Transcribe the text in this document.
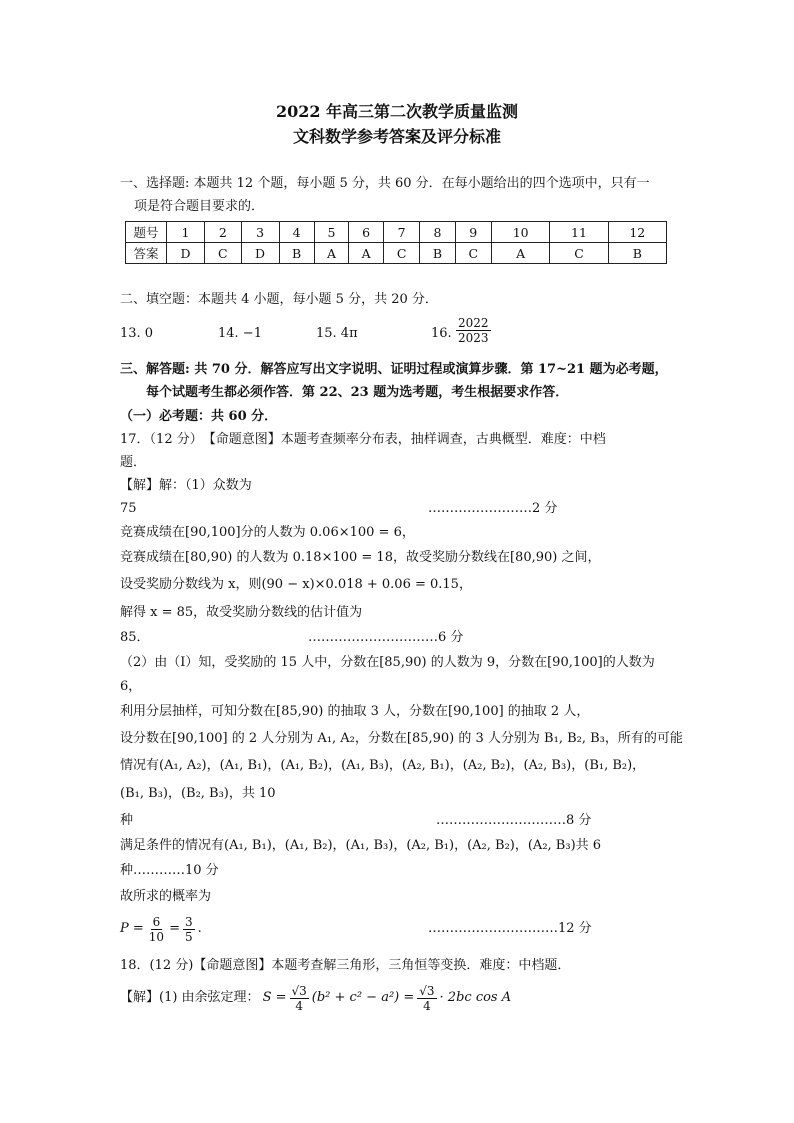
2022 年高三第二次教学质量监测
文科数学参考答案及评分标准
一、选择题: 本题共 12 个题，每小题 5 分，共 60 分．在每小题给出的四个选项中，只有一
项是符合题目要求的．
题号	1	2	3	4	5	6	7	8	9	10	11	12
答案	D	C	D	B	A	A	C	B	C	A	C	B
二、填空题：本题共 4 小题，每小题 5 分，共 20 分．
13. 0	14. −1	15. 4π	16. $\frac{2022}{2023}$
三、解答题: 共 70 分．解答应写出文字说明、证明过程或演算步骤．第 17~21 题为必考题，
每个试题考生都必须作答．第 22、23 题为选考题，考生根据要求作答．
（一）必考题：共 60 分．
17．（12 分）　【命题意图】本题考查频率分布表，抽样调查，古典概型．难度：中档
题．
【解】解：（1）众数为
75	……………………2 分
竞赛成绩在[90,100]分的人数为 0.06×100 = 6，
竞赛成绩在[80,90) 的人数为 0.18×100 = 18，故受奖励分数线在[80,90) 之间，
设受奖励分数线为 x，则(90 − x)×0.018 + 0.06 = 0.15，
解得 x = 85，故受奖励分数线的估计值为
85．	…………………………6 分
（2）由（Ⅰ）知，受奖励的 15 人中，分数在[85,90) 的人数为 9，分数在[90,100]的人数为
6，
利用分层抽样，可知分数在[85,90) 的抽取 3 人，分数在[90,100] 的抽取 2 人，
设分数在[90,100] 的 2 人分别为 A₁, A₂，分数在[85,90) 的 3 人分别为 B₁, B₂, B₃，所有的可能
情况有(A₁, A₂)，(A₁, B₁)，(A₁, B₂)，(A₁, B₃)，(A₂, B₁)，(A₂, B₂)，(A₂, B₃)，(B₁, B₂)，
(B₁, B₃)，(B₂, B₃)，共 10
种	…………………………8 分
满足条件的情况有(A₁, B₁)，(A₁, B₂)，(A₁, B₃)，(A₂, B₁)，(A₂, B₂)，(A₂, B₃)共 6
种…………10 分
故所求的概率为
$P = \frac{6}{10} = \frac{3}{5}$ .	…………………………12 分
18．(12 分)【命题意图】本题考查解三角形，三角恒等变换．难度：中档题．
【解】(1) 由余弦定理： $S = \frac{√3}{4} (b^2 + c^2 - a^2) = \frac{√3}{4} \cdot 2bc$ cos A
